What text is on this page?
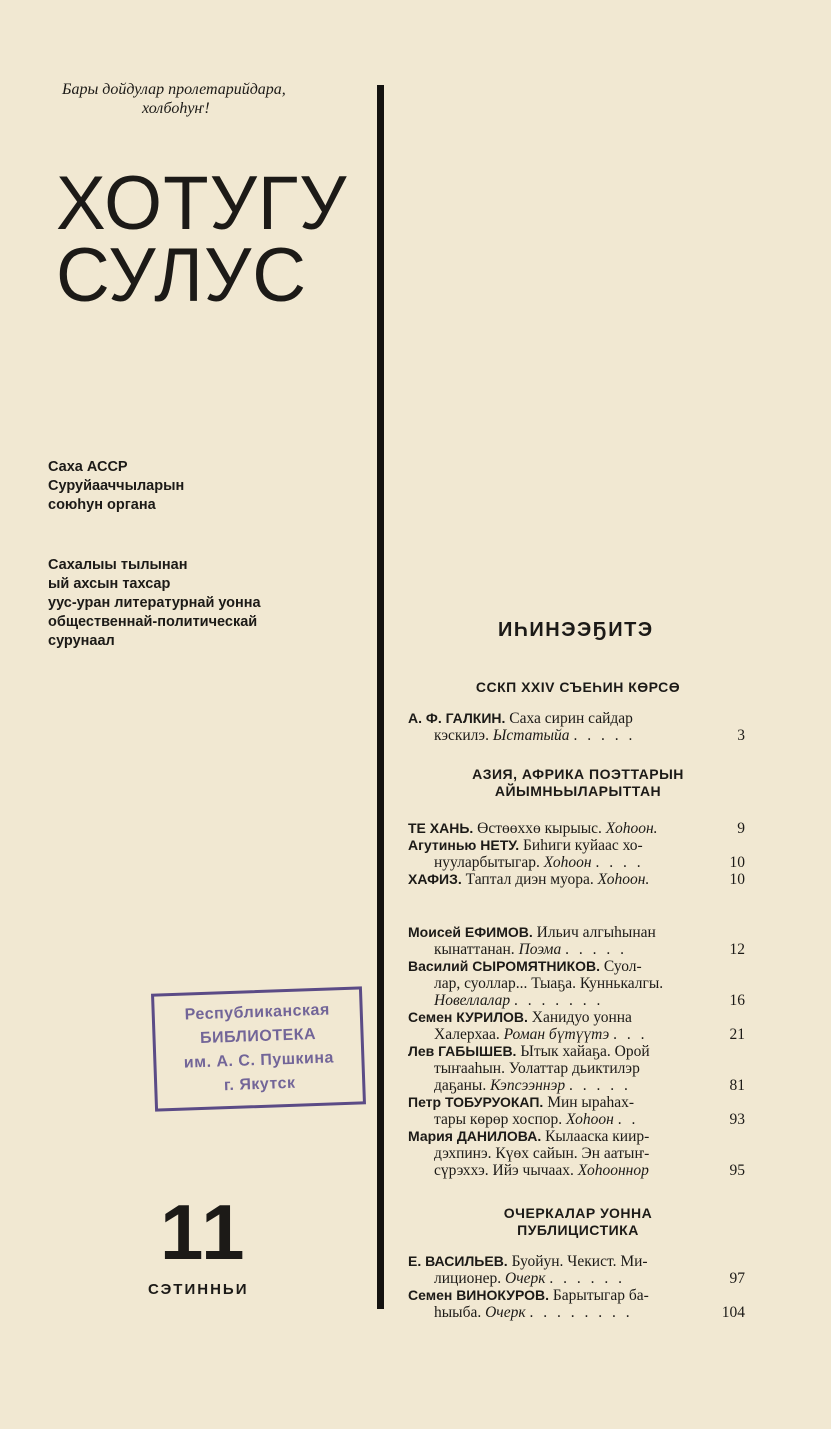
Бары дойдулар пролетарийдара,
холбоһуҥ!
ХОТУГУ
СУЛУС
Саха АССР
Суруйааччыларын
союһун органа
Сахалыы тылынан
ый ахсын тахсар
уус-уран литературнай уонна
общественнай-политическай
сурунаал
Республиканская
БИБЛИОТЕКА
им. А. С. Пушкина
г. Якутск
11
СЭТИННЬИ
ИҺИНЭЭҔИТЭ
ССКП XXIV СЪЕҺИН КӨРСӨ
А. Ф. ГАЛКИН. Саха сирин сайдар
кэскилэ. Ыстатыйа . . . . .	3
АЗИЯ, АФРИКА ПОЭТТАРЫН
АЙЫМНЬЫЛАРЫТТАН
ТЕ ХАНЬ. Өстөөххө кырыыс. Хоһоон.	9
Агутинью НЕТУ. Биһиги куйаас хо-
нууларбытыгар. Хоһоон . . . .	10
ХАФИЗ. Таптал диэн муора. Хоһоон.	10
Моисей ЕФИМОВ. Ильич алгыһынан
кынаттанан. Поэма . . . . .	12
Василий СЫРОМЯТНИКОВ. Суол-
лар, суоллар... Тыаҕа. Куннькалгы. Новеллалар . . . . . . .	16
Семен КУРИЛОВ. Ханидуо уонна
Халерхаа. Роман бүтүүтэ . . .	21
Лев ГАБЫШЕВ. Ытык хайаҕа. Орой
тыҥааһын. Уолаттар дьиктилэр
даҕаны. Кэпсээннэр . . . . .	81
Петр ТОБУРУОКАП. Мин ыраһах-
тары көрөр хоспор. Хоһоон . .	93
Мария ДАНИЛОВА. Кылааска киир-
дэхпинэ. Күөх сайын. Эн аатыҥ-
сүрэххэ. Ийэ чычаах. Хоһооннор	95
ОЧЕРКАЛАР УОННА
ПУБЛИЦИСТИКА
Е. ВАСИЛЬЕВ. Буойун. Чекист. Ми-
лиционер. Очерк . . . . . .	97
Семен ВИНОКУРОВ. Барытыгар ба-
һыыба. Очерк . . . . . . . .	104
